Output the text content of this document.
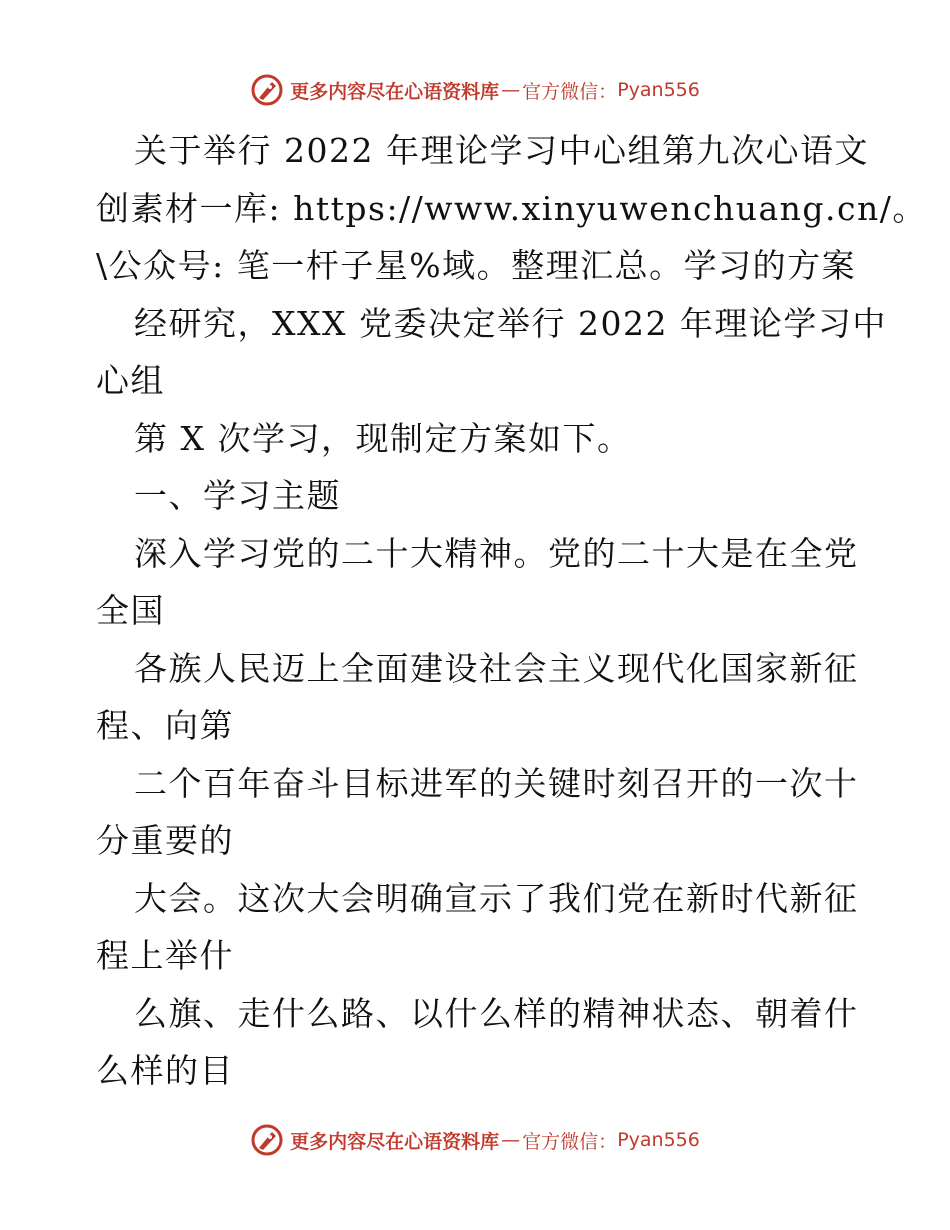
更多内容尽在心语资料库 — 官方微信： Pyan556
关于举行 2022 年理论学习中心组第九次心语文
创素材一库: https://www.xinyuwenchuang.cn/。
\公众号: 笔一杆子星%域。整理汇总。学习的方案
经研究，XXX 党委决定举行 2022 年理论学习中
心组
第 X 次学习，现制定方案如下。
一、学习主题
深入学习党的二十大精神。党的二十大是在全党
全国
各族人民迈上全面建设社会主义现代化国家新征
程、向第
二个百年奋斗目标进军的关键时刻召开的一次十
分重要的
大会。这次大会明确宣示了我们党在新时代新征
程上举什
么旗、走什么路、以什么样的精神状态、朝着什
么样的目
更多内容尽在心语资料库 — 官方微信： Pyan556
